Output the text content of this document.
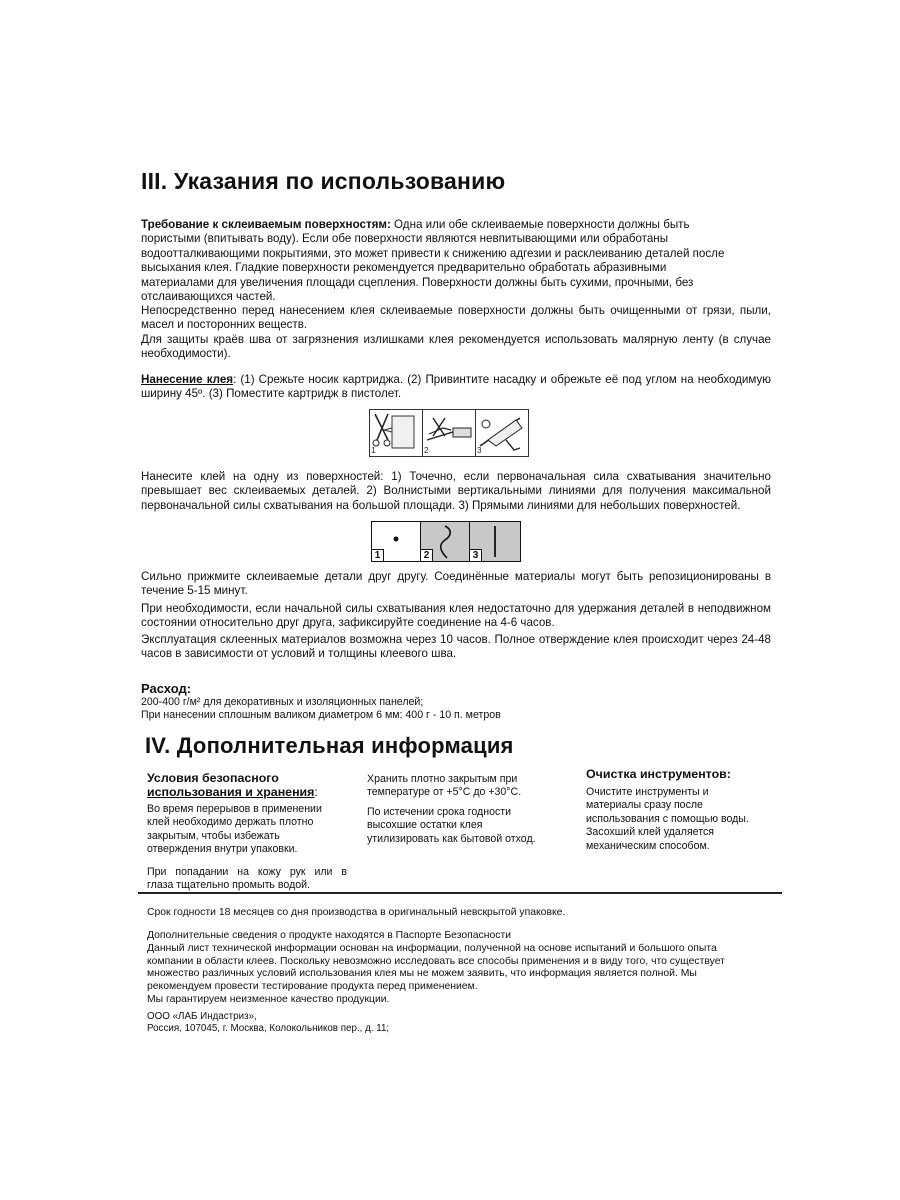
III. Указания по использованию
Требование к склеиваемым поверхностям: Одна или обе склеиваемые поверхности должны быть
пористыми (впитывать воду). Если обе поверхности являются невпитывающими или обработаны
водоотталкивающими покрытиями, это может привести к снижению адгезии и расклеиванию деталей после
высыхания клея. Гладкие поверхности рекомендуется предварительно обработать абразивными
материалами для увеличения площади сцепления. Поверхности должны быть сухими, прочными, без
отслаивающихся частей.
Непосредственно перед нанесением клея склеиваемые поверхности должны быть очищенными от грязи, пыли, масел и посторонних веществ.
Для защиты краёв шва от загрязнения излишками клея рекомендуется использовать малярную ленту (в случае необходимости).
Нанесение клея: (1) Срежьте носик картриджа. (2) Привинтите насадку и обрежьте её под углом на необходимую ширину 45º. (3) Поместите картридж в пистолет.
1	2	3
Нанесите клей на одну из поверхностей: 1) Точечно, если первоначальная сила схватывания значительно превышает вес склеиваемых деталей. 2) Волнистыми вертикальными линиями для получения максимальной первоначальной силы схватывания на большой площади. 3) Прямыми линиями для небольших поверхностей.
1	2	3
Сильно прижмите склеиваемые детали друг другу. Соединённые материалы могут быть репозиционированы в течение 5-15 минут.
При необходимости, если начальной силы схватывания клея недостаточно для удержания деталей в неподвижном состоянии относительно друг друга, зафиксируйте соединение на 4-6 часов.
Эксплуатация склеенных материалов возможна через 10 часов. Полное отверждение клея происходит через 24-48 часов в зависимости от условий и толщины клеевого шва.
Расход:
200-400 г/м² для декоративных и изоляционных панелей;
При нанесении сплошным валиком диаметром 6 мм: 400 г - 10 п. метров
IV. Дополнительная информация
Условия безопасного
использования и хранения:
Во время перерывов в применении
клей необходимо держать плотно
закрытым, чтобы избежать
отверждения внутри упаковки.
При попадании на кожу рук или в
глаза тщательно промыть водой.
Хранить плотно закрытым при
температуре от +5°С до +30°С.
По истечении срока годности
высохшие остатки клея
утилизировать как бытовой отход.
Очистка инструментов:
Очистите инструменты и
материалы сразу после
использования с помощью воды.
Засохший клей удаляется
механическим способом.
Срок годности 18 месяцев со дня производства в оригинальный невскрытой упаковке.
Дополнительные сведения о продукте находятся в Паспорте Безопасности
Данный лист технической информации основан на информации, полученной на основе испытаний и большого опыта
компании в области клеев. Поскольку невозможно исследовать все способы применения и в виду того, что существует
множество различных условий использования клея мы не можем заявить, что информация является полной. Мы
рекомендуем провести тестирование продукта перед применением.
Мы гарантируем неизменное качество продукции.
ООО «ЛАБ Индастриз»,
Россия, 107045, г. Москва, Колокольников пер., д. 11;
